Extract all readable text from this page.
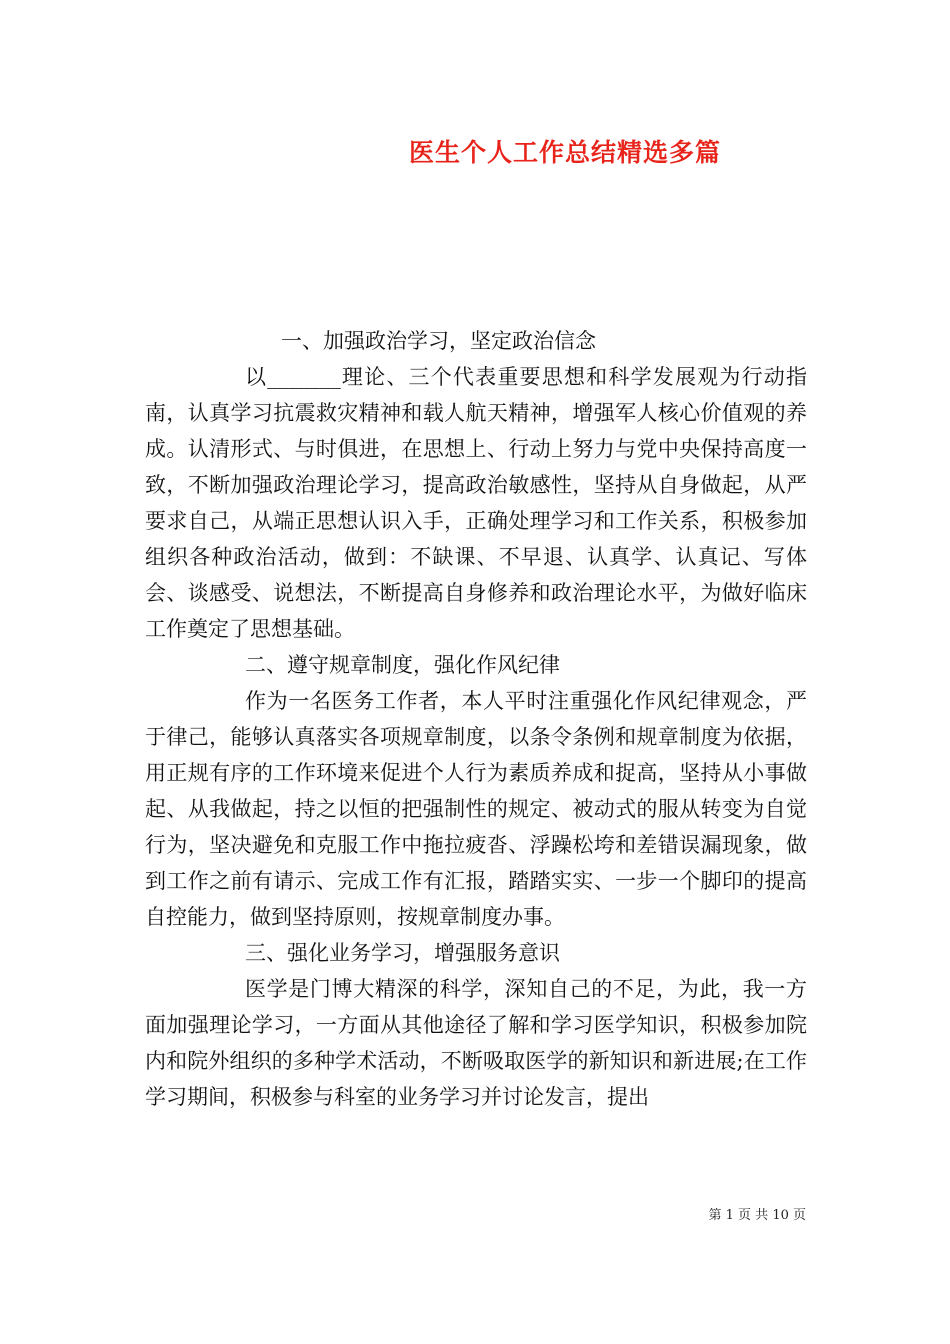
医生个人工作总结精选多篇

一、加强政治学习，坚定政治信念

以_______理论、三个代表重要思想和科学发展观为行动指南，认真学习抗震救灾精神和载人航天精神，增强军人核心价值观的养成。认清形式、与时俱进，在思想上、行动上努力与党中央保持高度一致，不断加强政治理论学习，提高政治敏感性，坚持从自身做起，从严要求自己，从端正思想认识入手，正确处理学习和工作关系，积极参加组织各种政治活动，做到：不缺课、不早退、认真学、认真记、写体会、谈感受、说想法，不断提高自身修养和政治理论水平，为做好临床工作奠定了思想基础。

二、遵守规章制度，强化作风纪律

作为一名医务工作者，本人平时注重强化作风纪律观念，严于律己，能够认真落实各项规章制度，以条令条例和规章制度为依据，用正规有序的工作环境来促进个人行为素质养成和捉高，坚持从小事做起、从我做起，持之以恒的把强制性的规定、被动式的服从转变为自觉行为，坚决避免和克服工作中拖拉疲沓、浮躁松垮和差错误漏现象，做到工作之前有请示、完成工作有汇报，踏踏实实、一步一个脚印的提高自控能力，做到坚持原则，按规章制度办事。

三、强化业务学习，增强服务意识

医学是门博大精深的科学，深知自己的不足，为此，我一方面加强理论学习，一方面从其他途径了解和学习医学知识，积极参加院内和院外组织的多种学术活动，不断吸取医学的新知识和新进展;在工作学习期间，积极参与科室的业务学习并讨论发言，提出

第 1 页 共 10 页
